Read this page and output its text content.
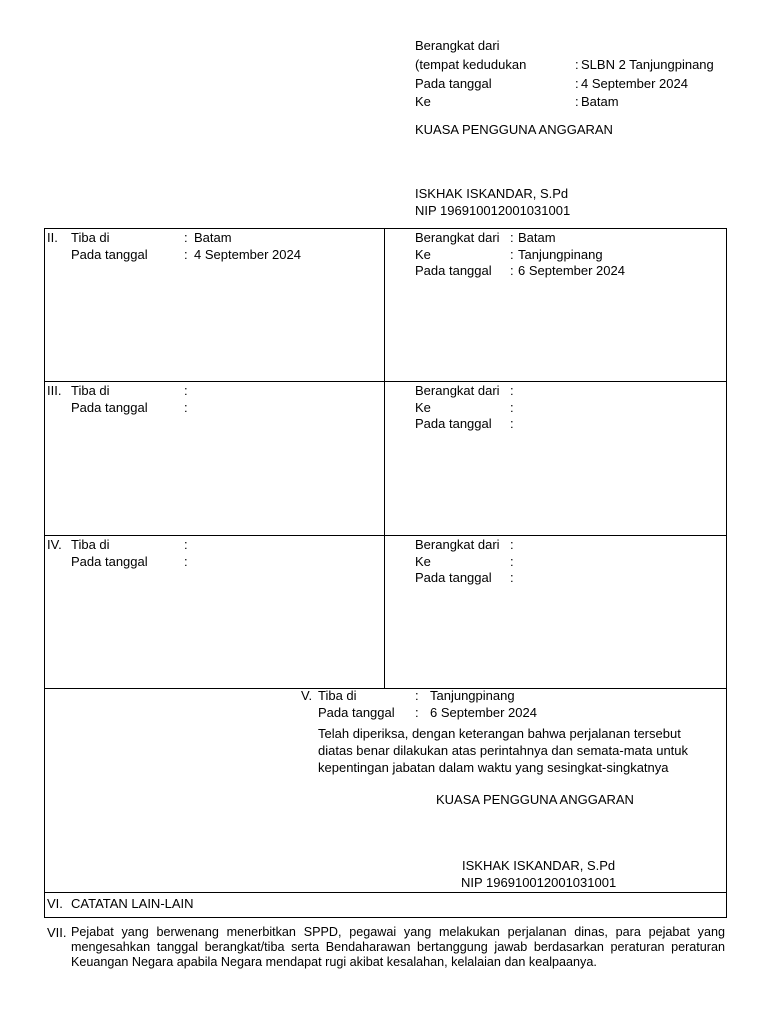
Berangkat dari
(tempat kedudukan	: SLBN 2 Tanjungpinang
Pada tanggal	: 4 September 2024
Ke	: Batam
KUASA PENGGUNA ANGGARAN
ISKHAK ISKANDAR, S.Pd
NIP 196910012001031001
II. Tiba di	: Batam
Pada tanggal	: 4 September 2024
Berangkat dari : Batam
Ke	: Tanjungpinang
Pada tanggal : 6 September 2024
III. Tiba di	:
Pada tanggal	:
Berangkat dari :
Ke	:
Pada tanggal :
IV. Tiba di	:
Pada tanggal	:
Berangkat dari :
Ke	:
Pada tanggal :
V. Tiba di	: Tanjungpinang
Pada tanggal : 6 September 2024
Telah diperiksa, dengan keterangan bahwa perjalanan tersebut
diatas benar dilakukan atas perintahnya dan semata-mata untuk
kepentingan jabatan dalam waktu yang sesingkat-singkatnya
KUASA PENGGUNA ANGGARAN
ISKHAK ISKANDAR, S.Pd
NIP 196910012001031001
VI. CATATAN LAIN-LAIN
VII. Pejabat yang berwenang menerbitkan SPPD, pegawai yang melakukan perjalanan dinas, para pejabat yang mengesahkan tanggal berangkat/tiba serta Bendaharawan bertanggung jawab berdasarkan peraturan peraturan Keuangan Negara apabila Negara mendapat rugi akibat kesalahan, kelalaian dan kealpaanya.
